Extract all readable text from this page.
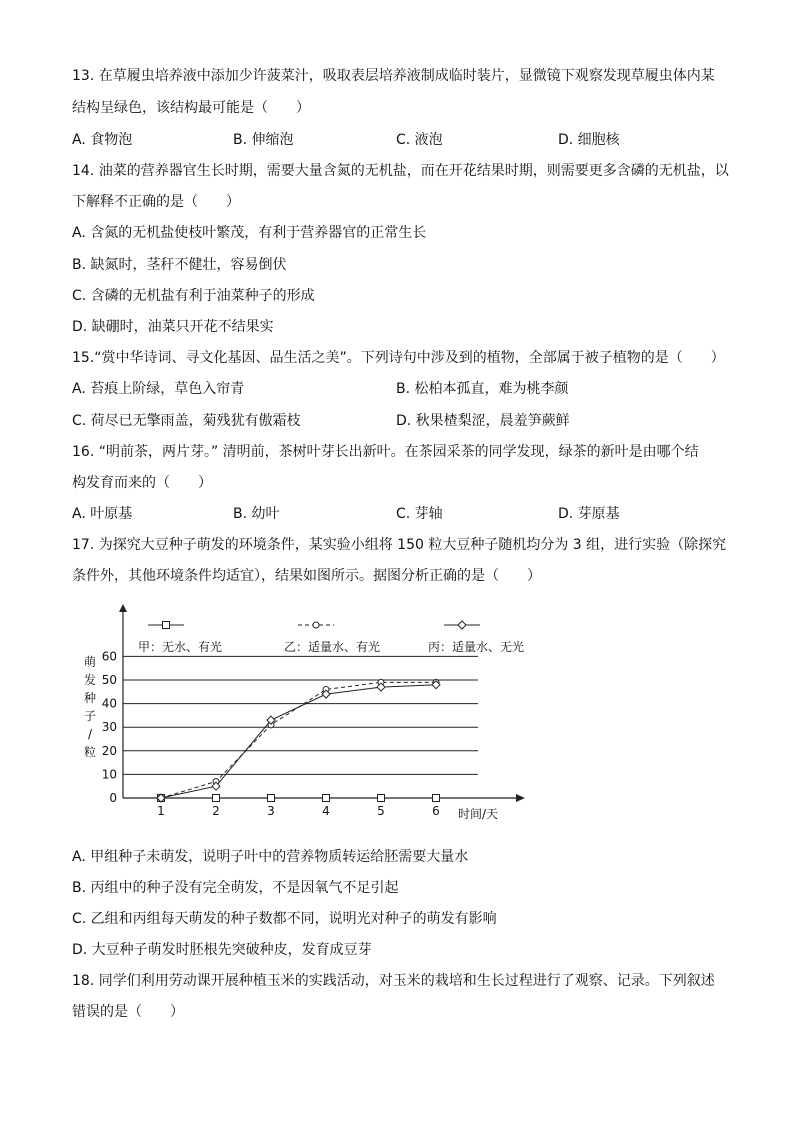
13. 在草履虫培养液中添加少许菠菜汁，吸取表层培养液制成临时装片，显微镜下观察发现草履虫体内某
结构呈绿色，该结构最可能是（　　）
A. 食物泡	B. 伸缩泡	C. 液泡	D. 细胞核
14. 油菜的营养器官生长时期，需要大量含氮的无机盐，而在开花结果时期，则需要更多含磷的无机盐，以
下解释不正确的是（　　）
A. 含氮的无机盐使枝叶繁茂，有利于营养器官的正常生长
B. 缺氮时，茎秆不健壮，容易倒伏
C. 含磷的无机盐有利于油菜种子的形成
D. 缺硼时，油菜只开花不结果实
15.“赏中华诗词、寻文化基因、品生活之美”。下列诗句中涉及到的植物，全部属于被子植物的是（　　）
A. 苔痕上阶绿，草色入帘青	B. 松柏本孤直，难为桃李颜
C. 荷尽已无擎雨盖，菊残犹有傲霜枝	D. 秋果楂梨涩，晨羞笋蕨鲜
16. “明前茶，两片芽。” 清明前，茶树叶芽长出新叶。在茶园采茶的同学发现，绿茶的新叶是由哪个结
构发育而来的（　　）
A. 叶原基	B. 幼叶	C. 芽轴	D. 芽原基
17. 为探究大豆种子萌发的环境条件，某实验小组将 150 粒大豆种子随机均分为 3 组，进行实验（除探究
条件外，其他环境条件均适宜），结果如图所示。据图分析正确的是（　　）
甲：无水、有光	乙：适量水、有光	丙：适量水、无光
萌
发
种
子
/
粒
0
10
20
30
40
50
60
1	2	3	4	5	6 时间/天
A. 甲组种子未萌发，说明子叶中的营养物质转运给胚需要大量水
B. 丙组中的种子没有完全萌发，不是因氧气不足引起
C. 乙组和丙组每天萌发的种子数都不同，说明光对种子的萌发有影响
D. 大豆种子萌发时胚根先突破种皮，发育成豆芽
18. 同学们利用劳动课开展种植玉米的实践活动，对玉米的栽培和生长过程进行了观察、记录。下列叙述
错误的是（　　）
